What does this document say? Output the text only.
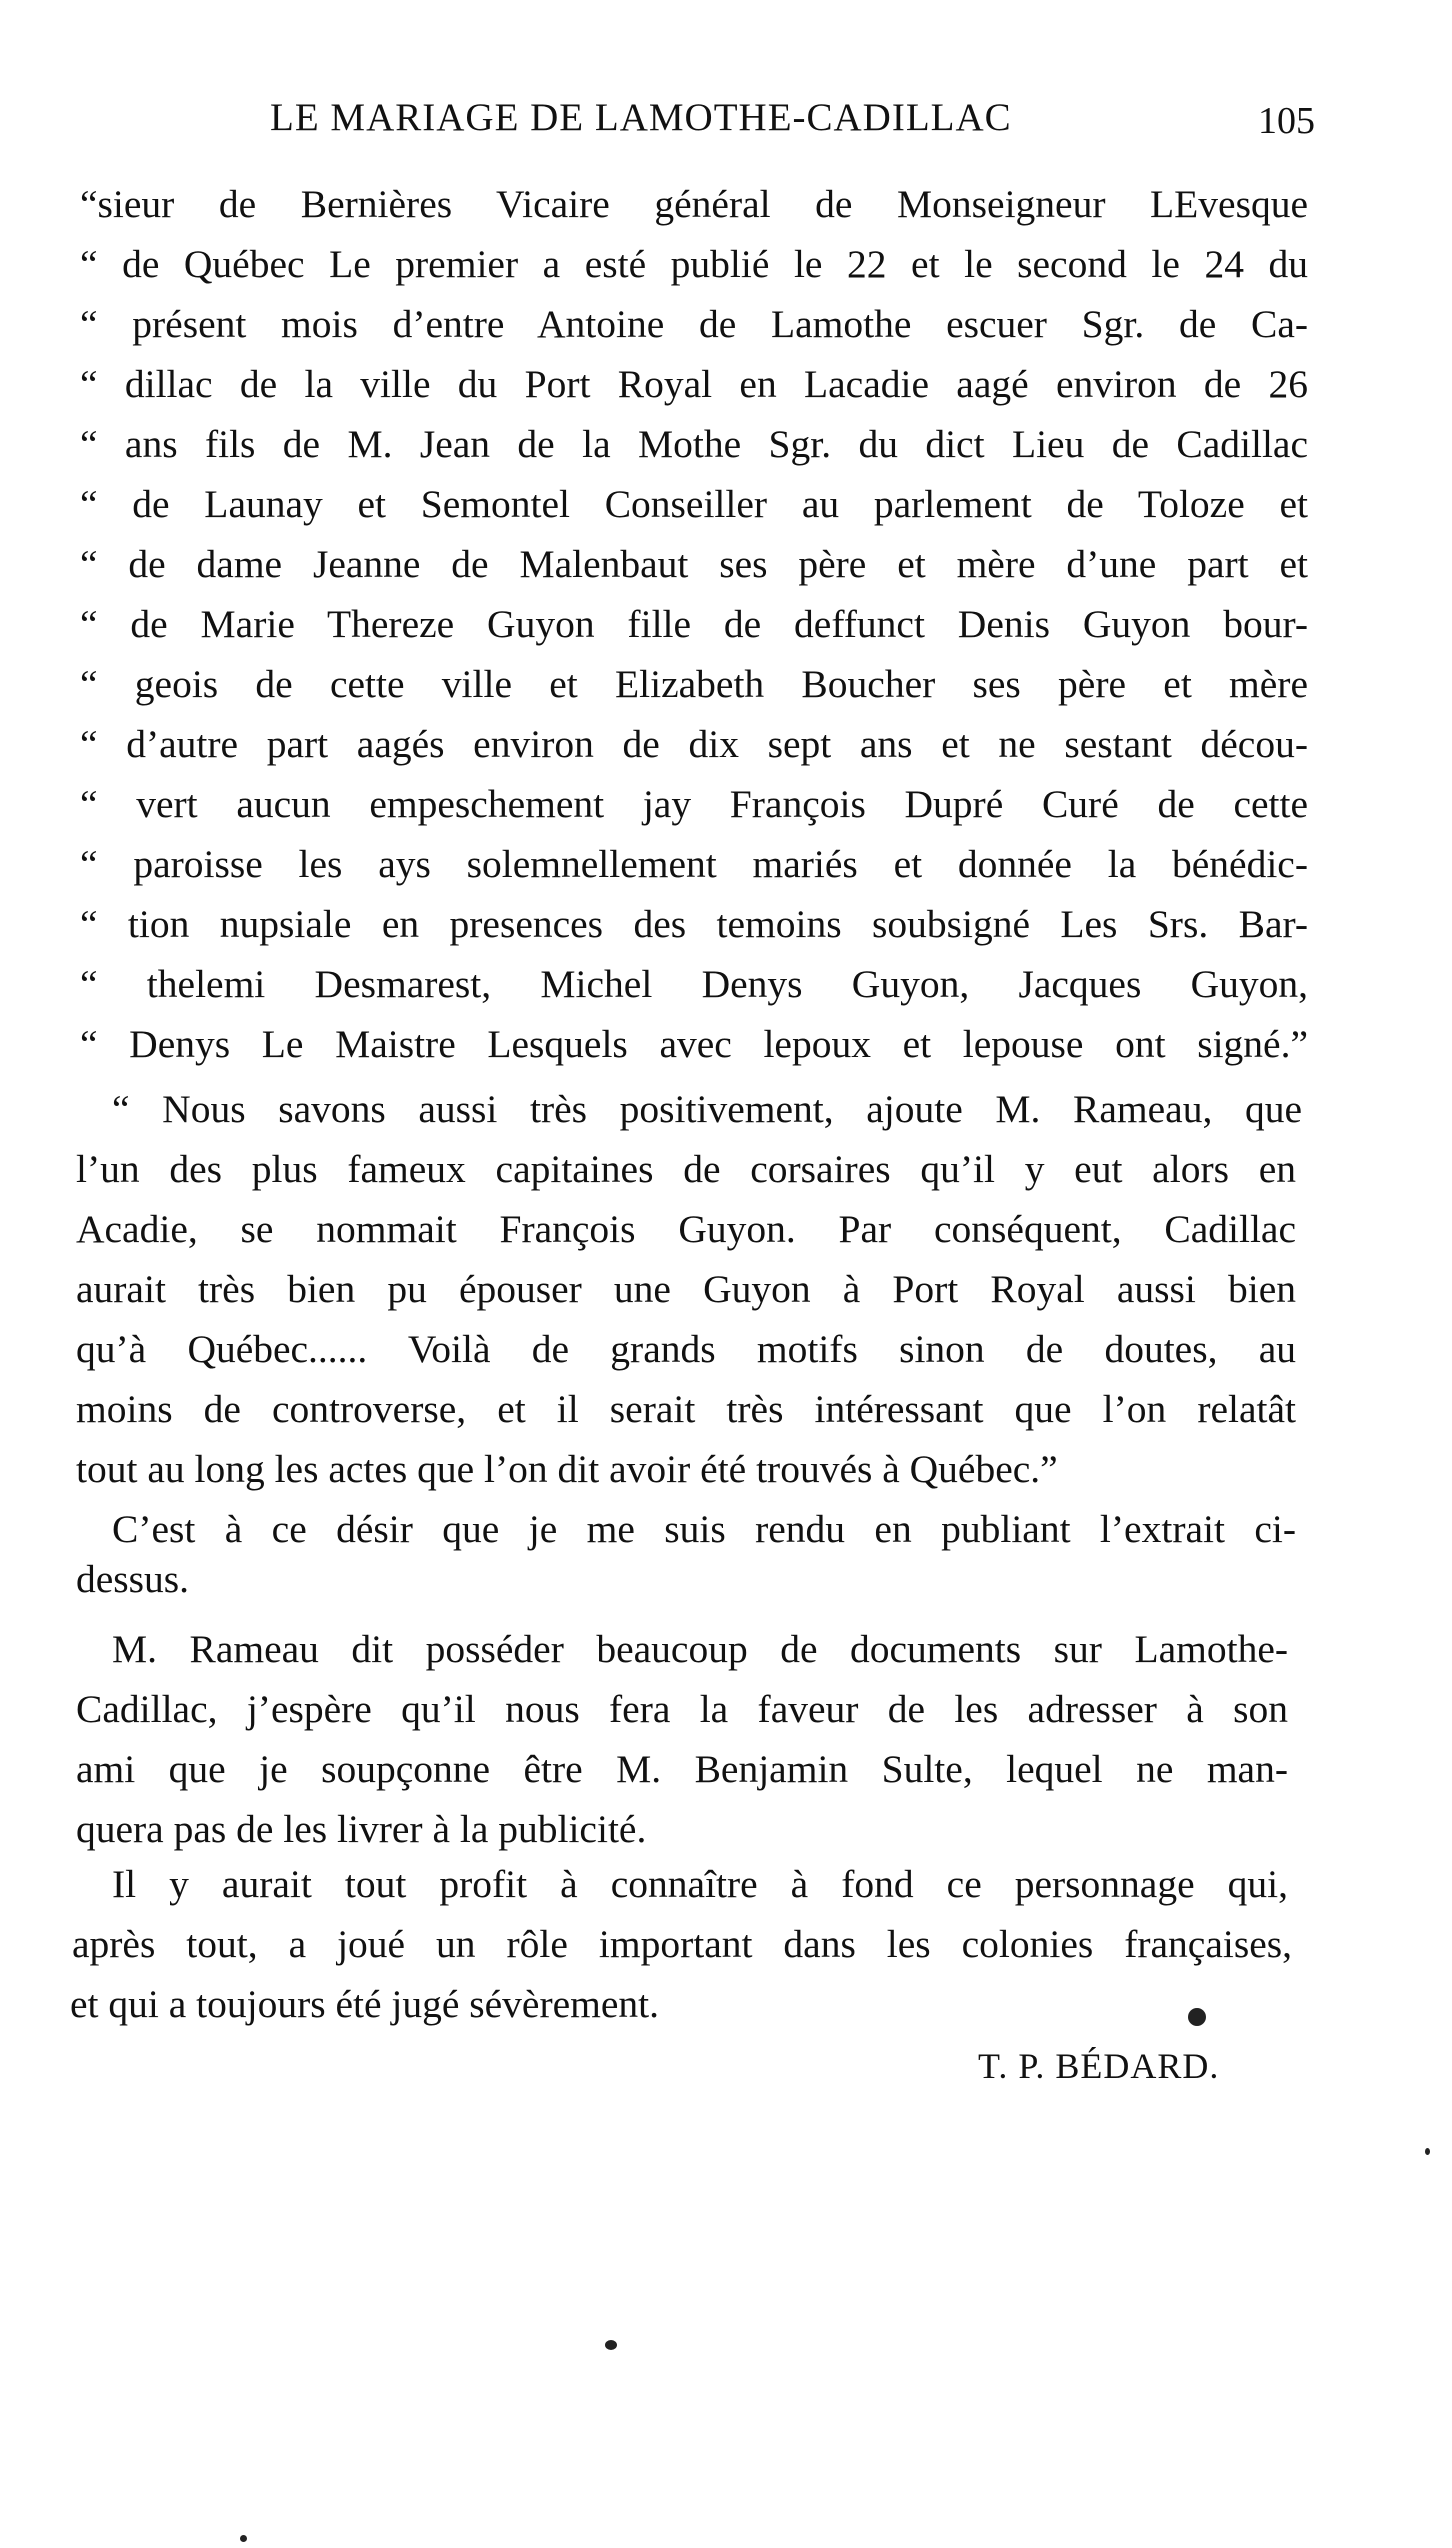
LE MARIAGE DE LAMOTHE-CADILLAC	105
“sieur de Bernières Vicaire général de Monseigneur LEvesque
“ de Québec Le premier a esté publié le 22 et le second le 24 du
“ présent mois d’entre Antoine de Lamothe escuer Sgr. de Ca-
“ dillac de la ville du Port Royal en Lacadie aagé environ de 26
“ ans fils de M. Jean de la Mothe Sgr. du dict Lieu de Cadillac
“ de Launay et Semontel Conseiller au parlement de Toloze et
“ de dame Jeanne de Malenbaut ses père et mère d’une part et
“ de Marie Thereze Guyon fille de deffunct Denis Guyon bour-
“ geois de cette ville et Elizabeth Boucher ses père et mère
“ d’autre part aagés environ de dix sept ans et ne sestant décou-
“ vert aucun empeschement jay François Dupré Curé de cette
“ paroisse les ays solemnellement mariés et donnée la bénédic-
“ tion nupsiale en presences des temoins soubsigné Les Srs. Bar-
“ thelemi Desmarest, Michel Denys Guyon, Jacques Guyon,
“ Denys Le Maistre Lesquels avec lepoux et lepouse ont signé.”
“ Nous savons aussi très positivement, ajoute M. Rameau, que
l’un des plus fameux capitaines de corsaires qu’il y eut alors en
Acadie, se nommait François Guyon. Par conséquent, Cadillac
aurait très bien pu épouser une Guyon à Port Royal aussi bien
qu’à Québec...... Voilà de grands motifs sinon de doutes, au
moins de controverse, et il serait très intéressant que l’on relatât
tout au long les actes que l’on dit avoir été trouvés à Québec.”
C’est à ce désir que je me suis rendu en publiant l’extrait ci-
dessus.
M. Rameau dit posséder beaucoup de documents sur Lamothe-
Cadillac, j’espère qu’il nous fera la faveur de les adresser à son
ami que je soupçonne être M. Benjamin Sulte, lequel ne man-
quera pas de les livrer à la publicité.
Il y aurait tout profit à connaître à fond ce personnage qui,
après tout, a joué un rôle important dans les colonies françaises,
et qui a toujours été jugé sévèrement.
T. P. BÉDARD.
